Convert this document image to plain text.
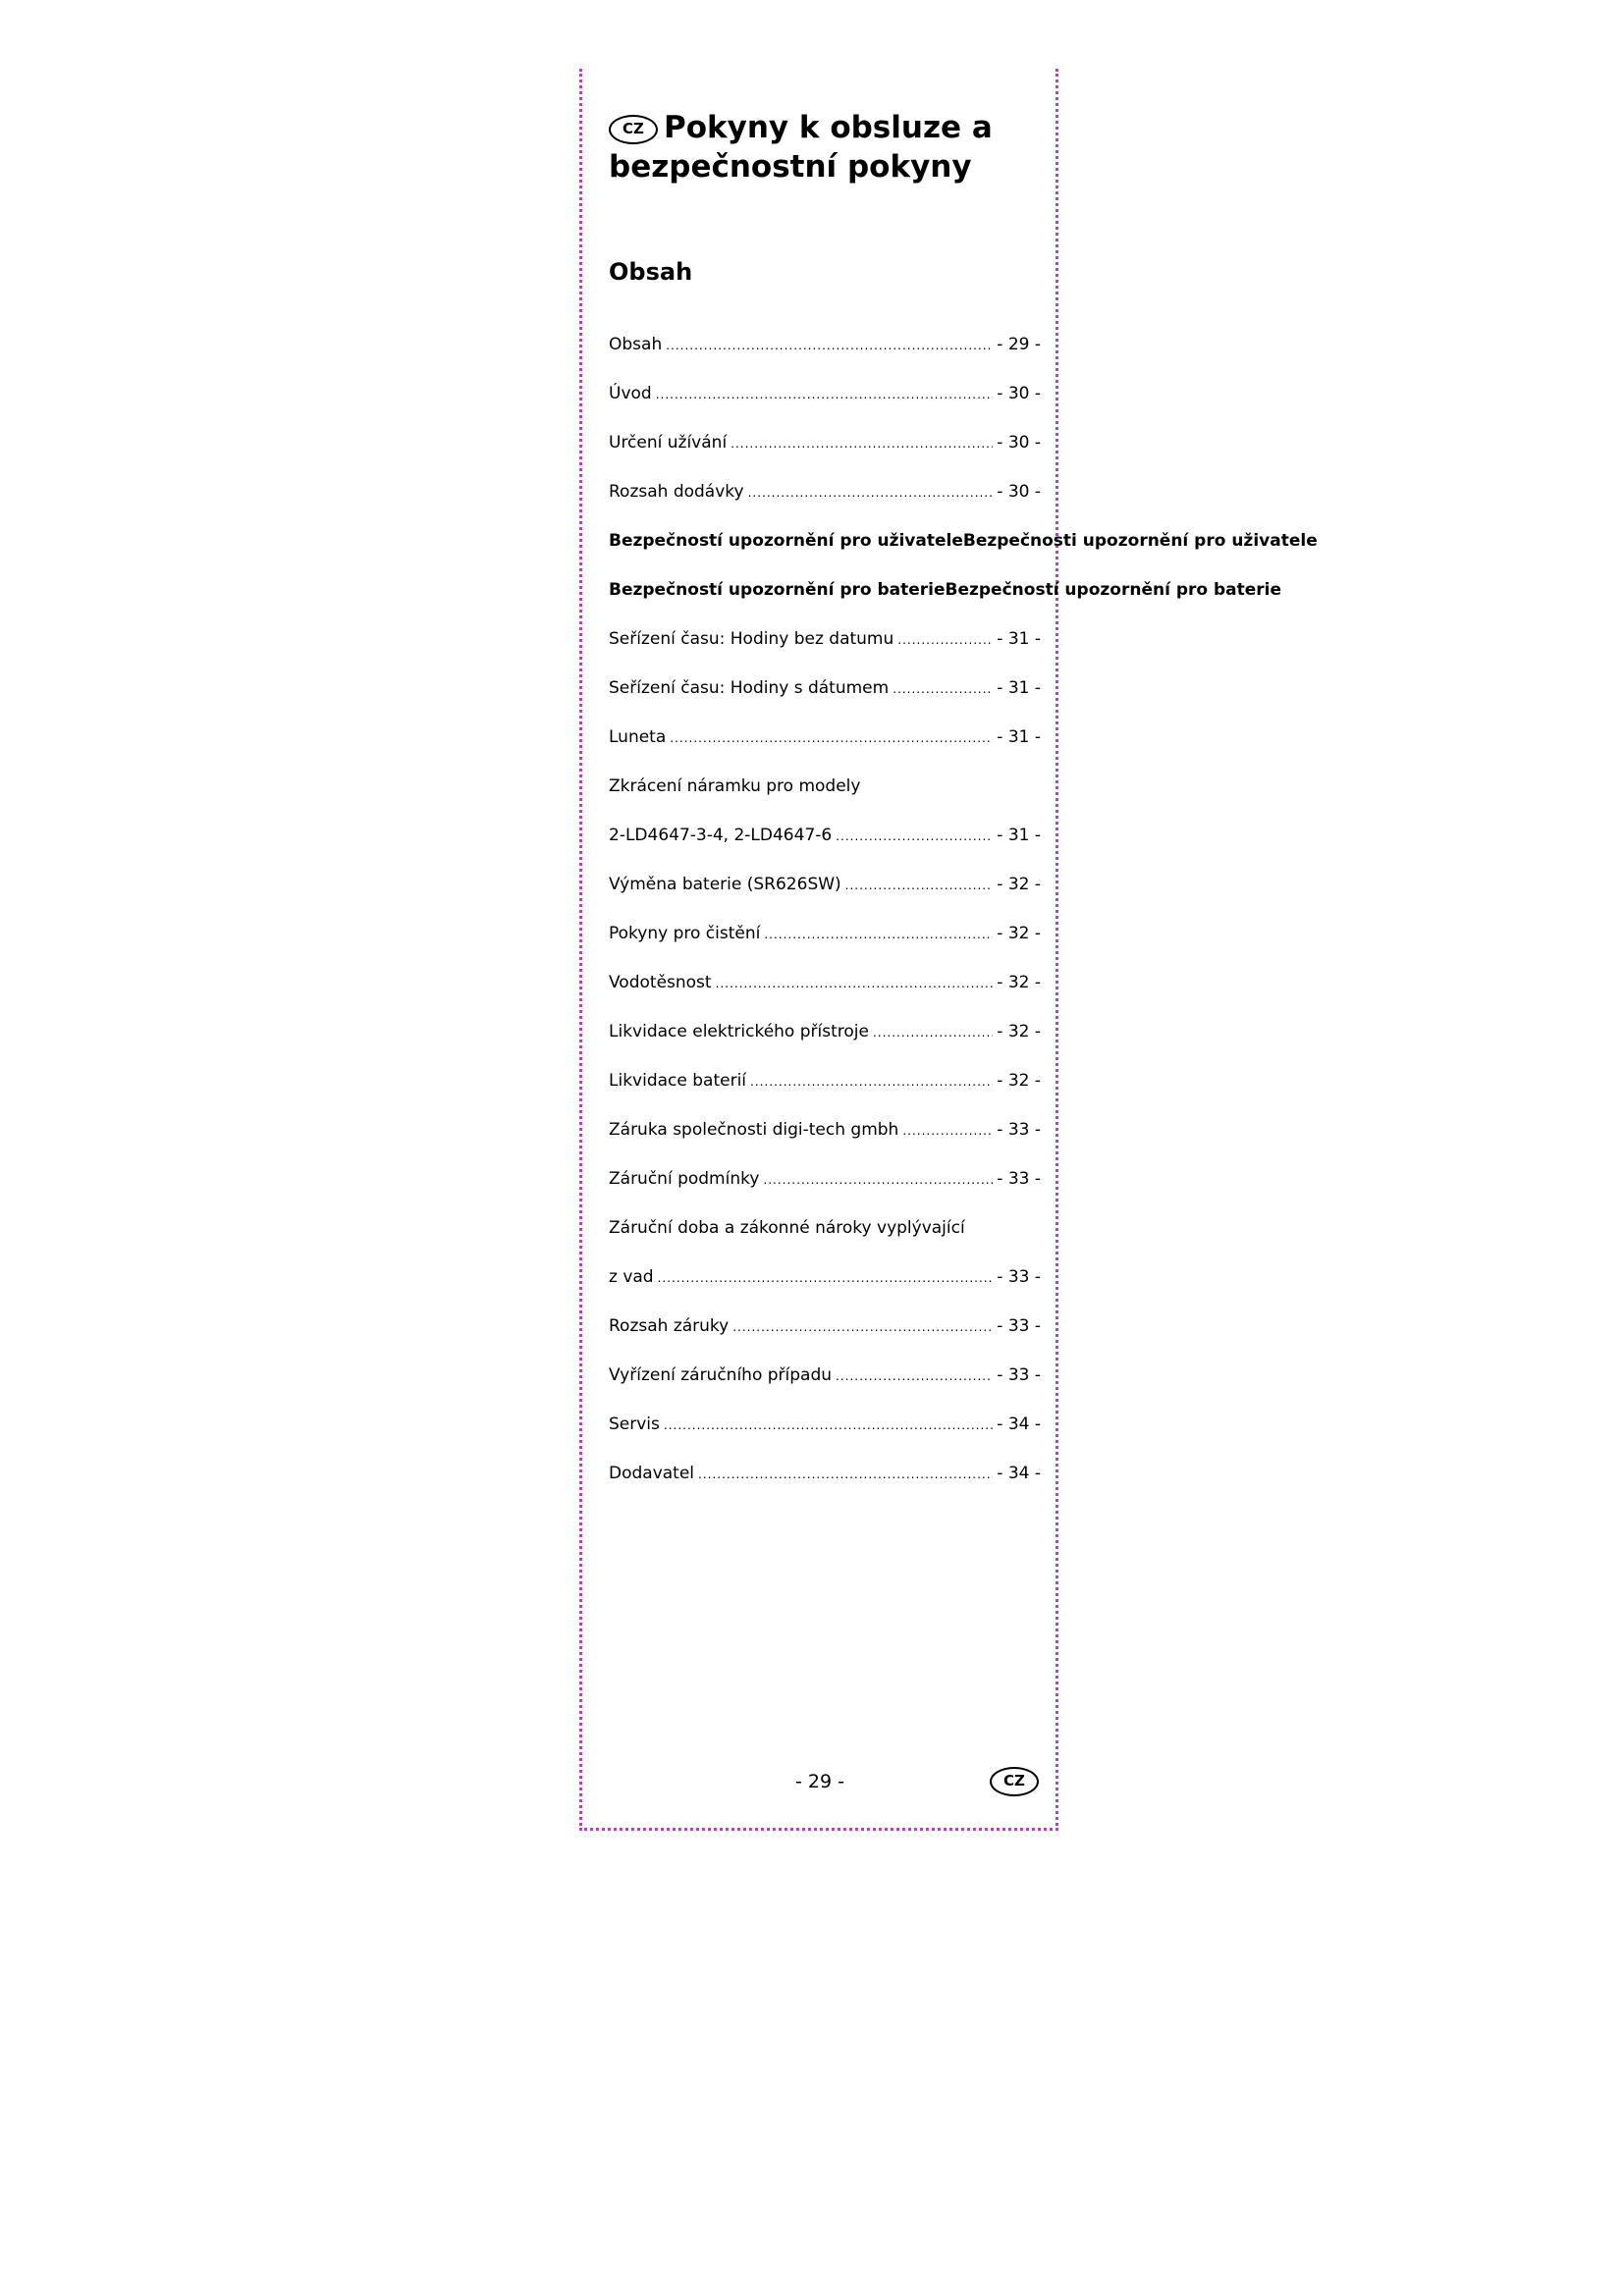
CZ Pokyny k obsluze a
bezpečnostní pokyny
Obsah
Obsah .....	- 29 -
Úvod .....	- 30 -
Určení užívání .....	- 30 -
Rozsah dodávky .....	- 30 -
Bezpečností upozornění pro uživateleBezpečnosti upozornění pro uživatele
Bezpečností upozornění pro baterieBezpečností upozornění pro baterie
Seřízení času: Hodiny bez datumu .....	- 31 -
Seřízení času: Hodiny s dátumem .....	- 31 -
Luneta .....	- 31 -
Zkrácení náramku pro modely
2-LD4647-3-4, 2-LD4647-6 .....	- 31 -
Výměna baterie (SR626SW) .....	- 32 -
Pokyny pro čistění .....	- 32 -
Vodotěsnost .....	- 32 -
Likvidace elektrického přístroje .....	- 32 -
Likvidace baterií .....	- 32 -
Záruka společnosti digi-tech gmbh .....	- 33 -
Záruční podmínky .....	- 33 -
Záruční doba a zákonné nároky vyplývající
z vad .....	- 33 -
Rozsah záruky .....	- 33 -
Vyřízení záručního případu .....	- 33 -
Servis .....	- 34 -
Dodavatel .....	- 34 -
- 29 -	CZ
